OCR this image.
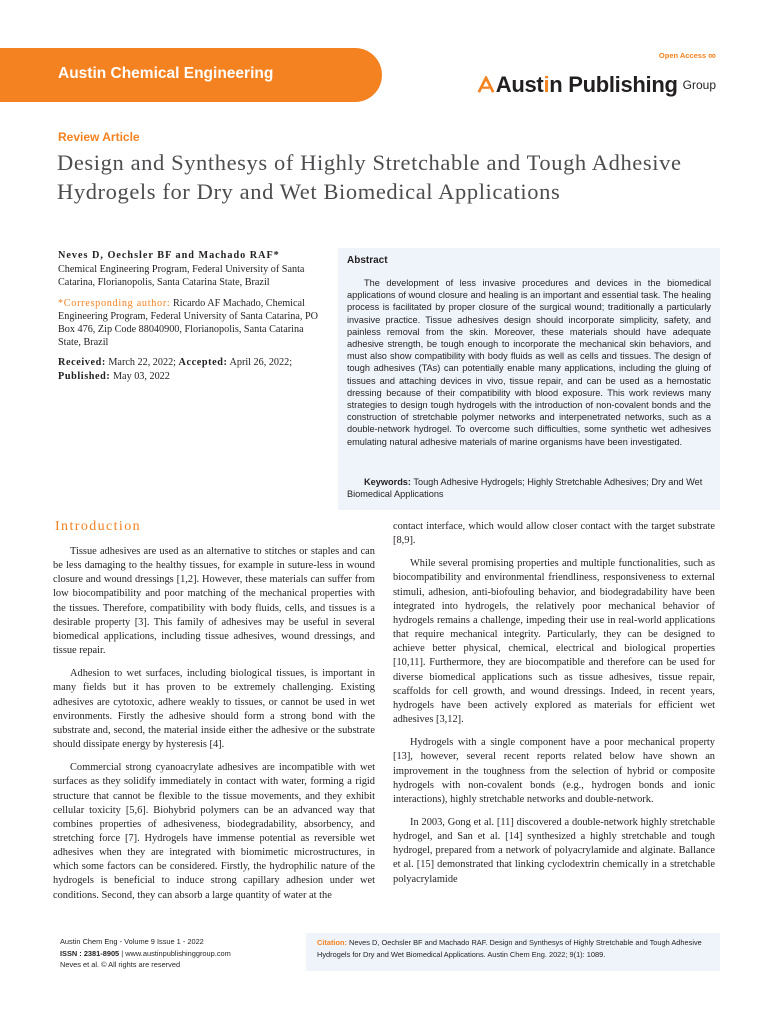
Austin Chemical Engineering
Open Access ∞
Austin Publishing Group
Review Article
Design and Synthesys of Highly Stretchable and Tough Adhesive Hydrogels for Dry and Wet Biomedical Applications
Neves D, Oechsler BF and Machado RAF*

Chemical Engineering Program, Federal University of Santa Catarina, Florianopolis, Santa Catarina State, Brazil

*Corresponding author: Ricardo AF Machado, Chemical Engineering Program, Federal University of Santa Catarina, PO Box 476, Zip Code 88040900, Florianopolis, Santa Catarina State, Brazil

Received: March 22, 2022; Accepted: April 26, 2022; Published: May 03, 2022

Abstract

The development of less invasive procedures and devices in the biomedical applications of wound closure and healing is an important and essential task. The healing process is facilitated by proper closure of the surgical wound; traditionally a particularly invasive practice. Tissue adhesives design should incorporate simplicity, safety, and painless removal from the skin. Moreover, these materials should have adequate adhesive strength, be tough enough to incorporate the mechanical skin behaviors, and must also show compatibility with body fluids as well as cells and tissues. The design of tough adhesives (TAs) can potentially enable many applications, including the gluing of tissues and attaching devices in vivo, tissue repair, and can be used as a hemostatic dressing because of their compatibility with blood exposure. This work reviews many strategies to design tough hydrogels with the introduction of non-covalent bonds and the construction of stretchable polymer networks and interpenetrated networks, such as a double-network hydrogel. To overcome such difficulties, some synthetic wet adhesives emulating natural adhesive materials of marine organisms have been investigated.

Keywords: Tough Adhesive Hydrogels; Highly Stretchable Adhesives; Dry and Wet Biomedical Applications

Introduction

Tissue adhesives are used as an alternative to stitches or staples and can be less damaging to the healthy tissues, for example in suture-less in wound closure and wound dressings [1,2]. However, these materials can suffer from low biocompatibility and poor matching of the mechanical properties with the tissues. Therefore, compatibility with body fluids, cells, and tissues is a desirable property [3]. This family of adhesives may be useful in several biomedical applications, including tissue adhesives, wound dressings, and tissue repair.

Adhesion to wet surfaces, including biological tissues, is important in many fields but it has proven to be extremely challenging. Existing adhesives are cytotoxic, adhere weakly to tissues, or cannot be used in wet environments. Firstly the adhesive should form a strong bond with the substrate and, second, the material inside either the adhesive or the substrate should dissipate energy by hysteresis [4].

Commercial strong cyanoacrylate adhesives are incompatible with wet surfaces as they solidify immediately in contact with water, forming a rigid structure that cannot be flexible to the tissue movements, and they exhibit cellular toxicity [5,6]. Biohybrid polymers can be an advanced way that combines properties of adhesiveness, biodegradability, absorbency, and stretching force [7]. Hydrogels have immense potential as reversible wet adhesives when they are integrated with biomimetic microstructures, in which some factors can be considered. Firstly, the hydrophilic nature of the hydrogels is beneficial to induce strong capillary adhesion under wet conditions. Second, they can absorb a large quantity of water at the

contact interface, which would allow closer contact with the target substrate [8,9].

While several promising properties and multiple functionalities, such as biocompatibility and environmental friendliness, responsiveness to external stimuli, adhesion, anti-biofouling behavior, and biodegradability have been integrated into hydrogels, the relatively poor mechanical behavior of hydrogels remains a challenge, impeding their use in real-world applications that require mechanical integrity. Particularly, they can be designed to achieve better physical, chemical, electrical and biological properties [10,11]. Furthermore, they are biocompatible and therefore can be used for diverse biomedical applications such as tissue adhesives, tissue repair, scaffolds for cell growth, and wound dressings. Indeed, in recent years, hydrogels have been actively explored as materials for efficient wet adhesives [3,12].

Hydrogels with a single component have a poor mechanical property [13], however, several recent reports related below have shown an improvement in the toughness from the selection of hybrid or composite hydrogels with non-covalent bonds (e.g., hydrogen bonds and ionic interactions), highly stretchable networks and double-network.

In 2003, Gong et al. [11] discovered a double-network highly stretchable hydrogel, and San et al. [14] synthesized a highly stretchable and tough hydrogel, prepared from a network of polyacrylamide and alginate. Ballance et al. [15] demonstrated that linking cyclodextrin chemically in a stretchable polyacrylamide

Austin Chem Eng - Volume 9 Issue 1 - 2022
ISSN : 2381-8905 | www.austinpublishinggroup.com
Neves et al. © All rights are reserved

Citation: Neves D, Oechsler BF and Machado RAF. Design and Synthesys of Highly Stretchable and Tough Adhesive Hydrogels for Dry and Wet Biomedical Applications. Austin Chem Eng. 2022; 9(1): 1089.
